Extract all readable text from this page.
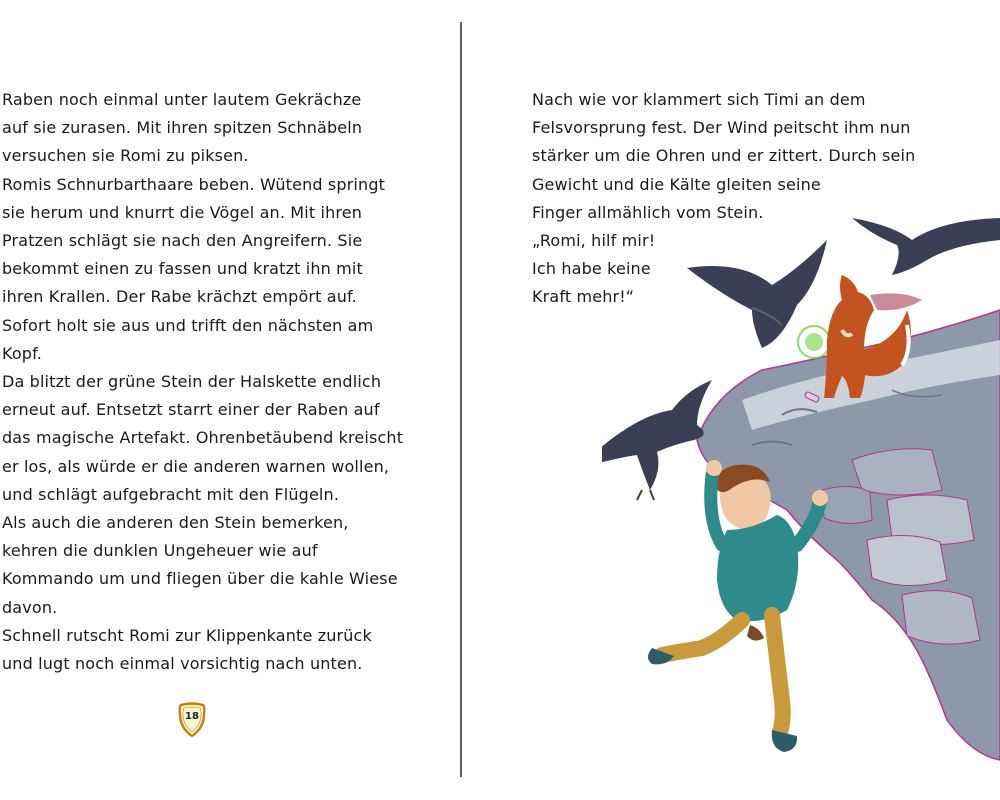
Raben noch einmal unter lautem Gekrächze
auf sie zurasen. Mit ihren spitzen Schnäbeln
versuchen sie Romi zu piksen.
Romis Schnurbarthaare beben. Wütend springt
sie herum und knurrt die Vögel an. Mit ihren
Pratzen schlägt sie nach den Angreifern. Sie
bekommt einen zu fassen und kratzt ihn mit
ihren Krallen. Der Rabe krächzt empört auf.
Sofort holt sie aus und trifft den nächsten am
Kopf.
Da blitzt der grüne Stein der Halskette endlich
erneut auf. Entsetzt starrt einer der Raben auf
das magische Artefakt. Ohrenbetäubend kreischt
er los, als würde er die anderen warnen wollen,
und schlägt aufgebracht mit den Flügeln.
Als auch die anderen den Stein bemerken,
kehren die dunklen Ungeheuer wie auf
Kommando um und fliegen über die kahle Wiese
davon.
Schnell rutscht Romi zur Klippenkante zurück
und lugt noch einmal vorsichtig nach unten.
18
Nach wie vor klammert sich Timi an dem
Felsvorsprung fest. Der Wind peitscht ihm nun
stärker um die Ohren und er zittert. Durch sein
Gewicht und die Kälte gleiten seine
Finger allmählich vom Stein.
„Romi, hilf mir!
Ich habe keine
Kraft mehr!“
